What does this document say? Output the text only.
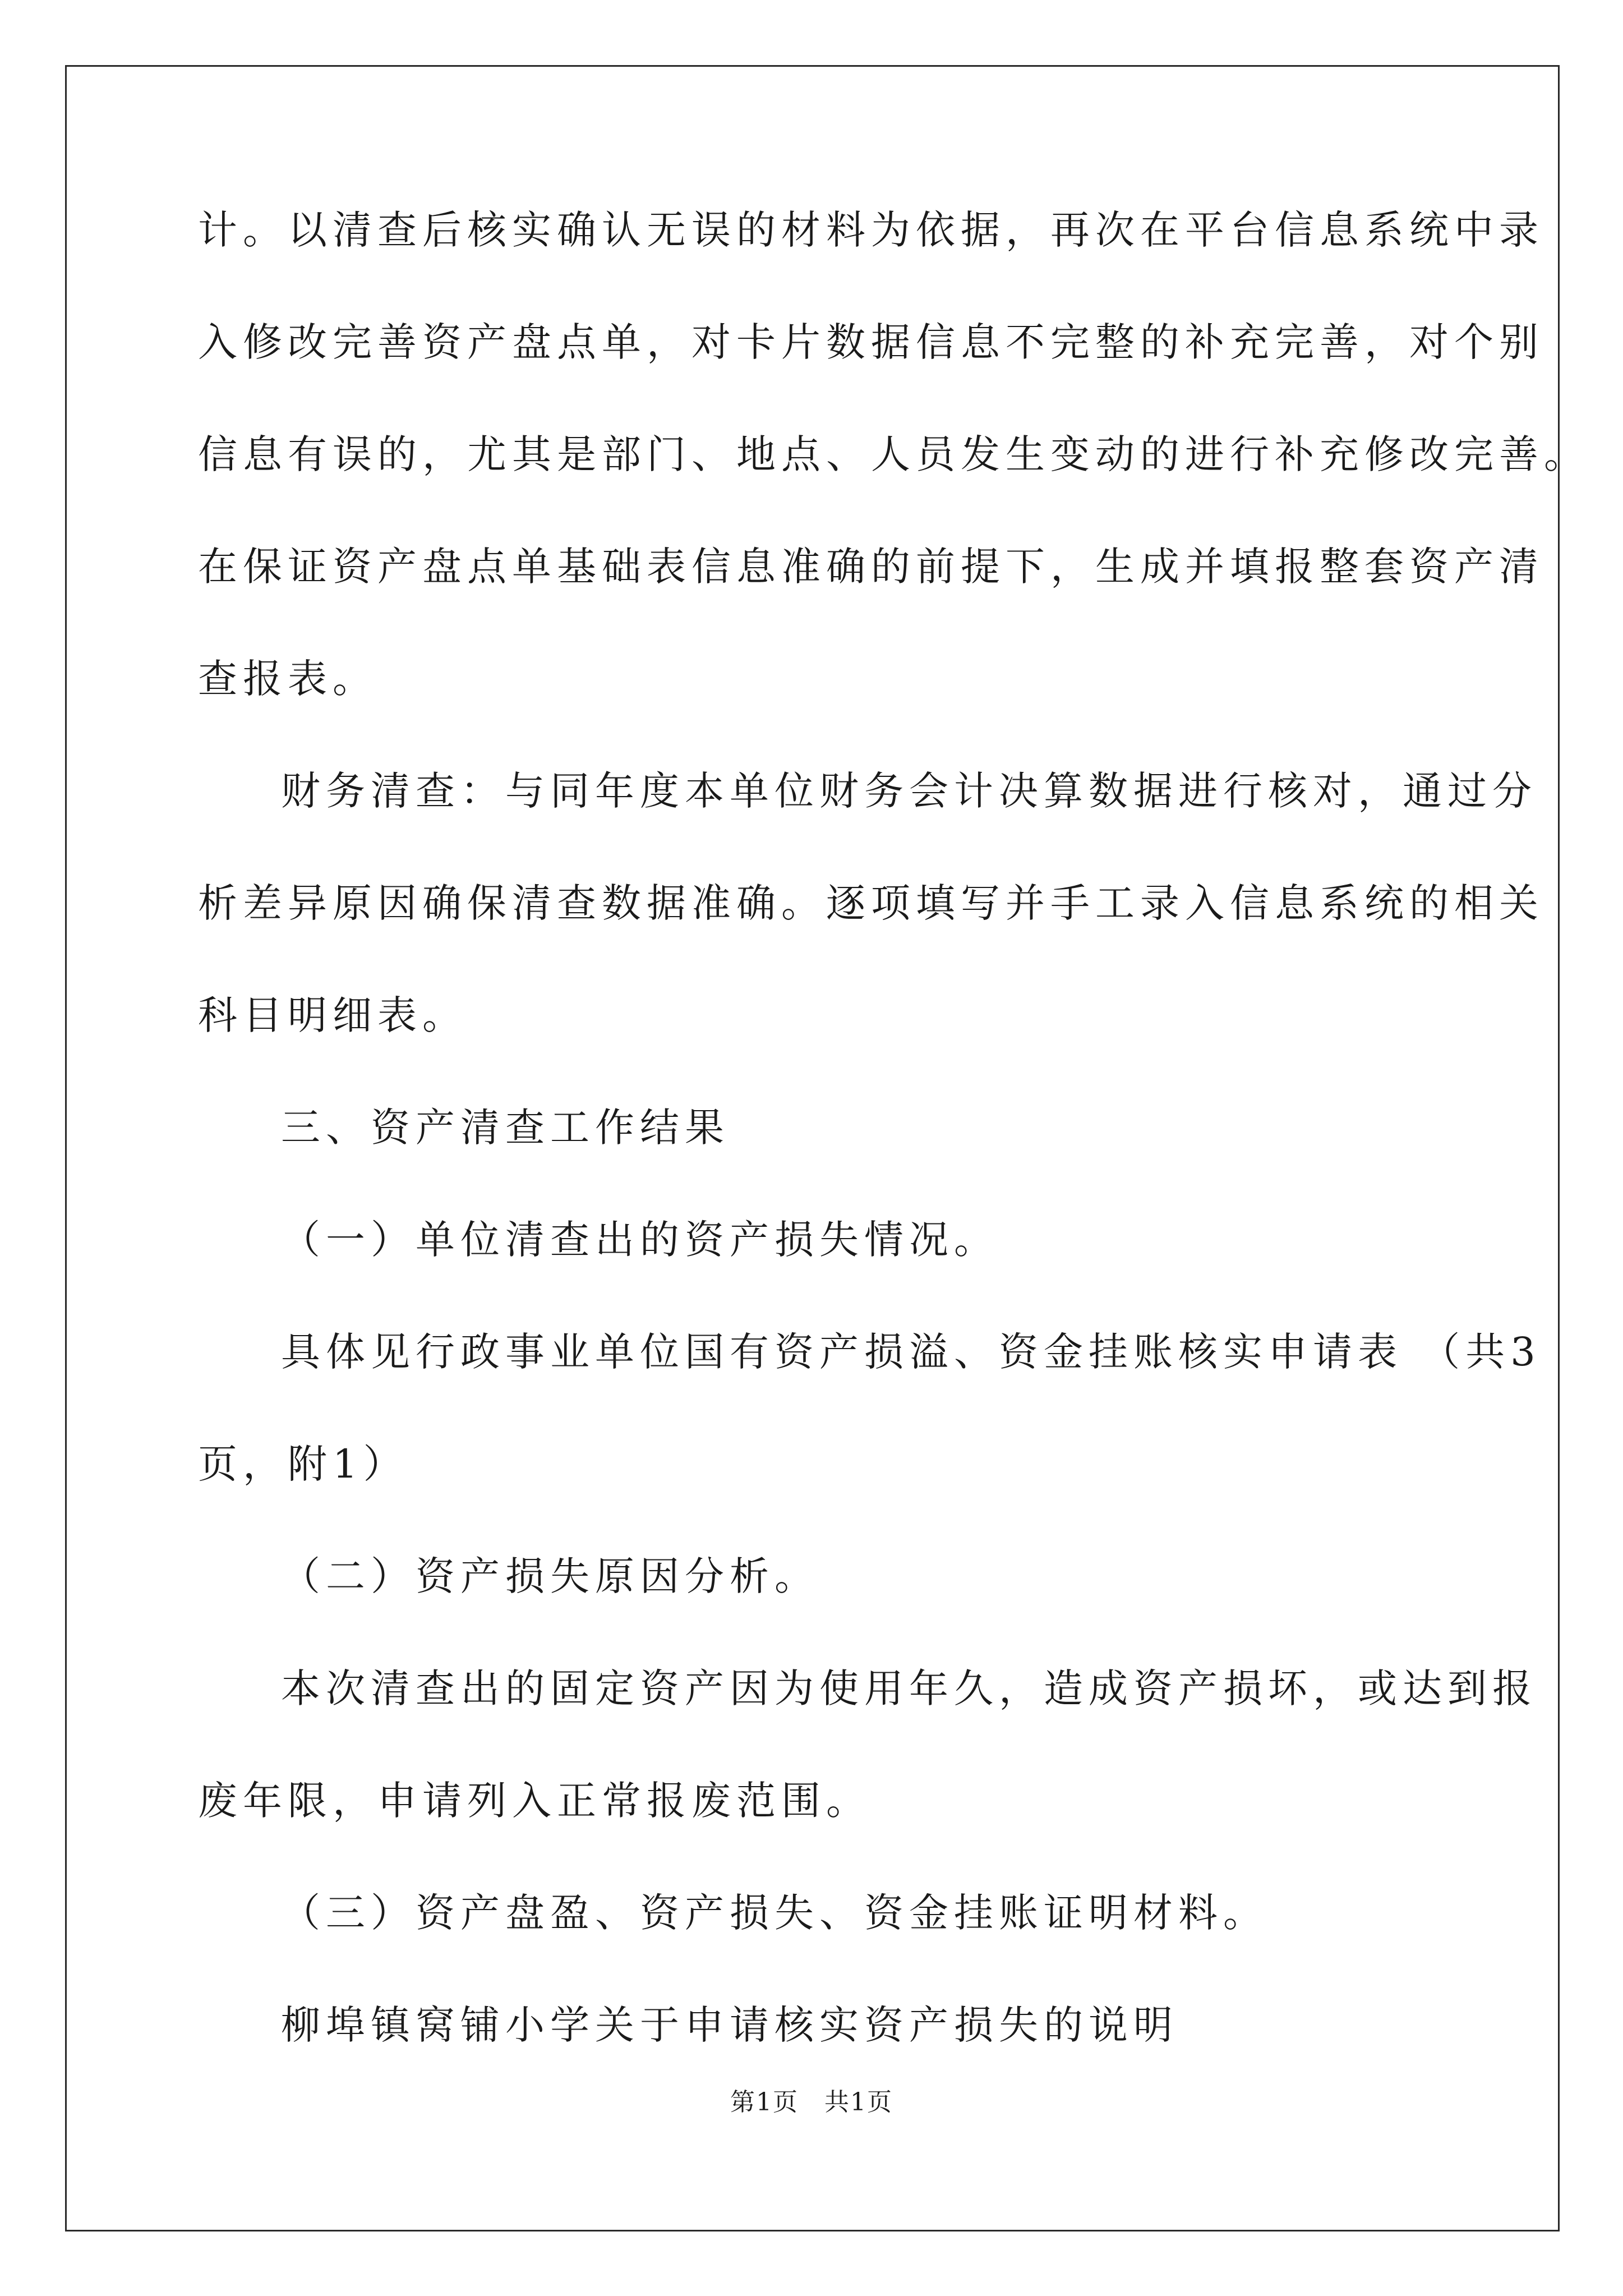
计。以清查后核实确认无误的材料为依据，再次在平台信息系统中录
入修改完善资产盘点单，对卡片数据信息不完整的补充完善，对个别
信息有误的，尤其是部门、地点、人员发生变动的进行补充修改完善。
在保证资产盘点单基础表信息准确的前提下，生成并填报整套资产清
查报表。
财务清查：与同年度本单位财务会计决算数据进行核对，通过分
析差异原因确保清查数据准确。逐项填写并手工录入信息系统的相关
科目明细表。
三、资产清查工作结果
（一）单位清查出的资产损失情况。
具体见行政事业单位国有资产损溢、资金挂账核实申请表 （共3
页，附1）
（二）资产损失原因分析。
本次清查出的固定资产因为使用年久，造成资产损坏，或达到报
废年限，申请列入正常报废范围。
（三）资产盘盈、资产损失、资金挂账证明材料。
柳埠镇窝铺小学关于申请核实资产损失的说明
第1页　共1页
